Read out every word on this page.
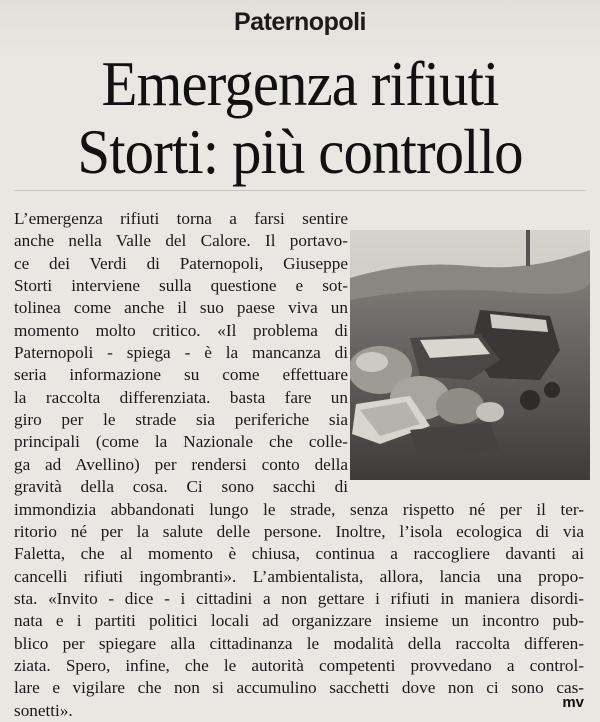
Paternopoli
Emergenza rifiuti
Storti: più controllo
L’emergenza rifiuti torna a farsi sentire
anche nella Valle del Calore. Il portavo-
ce dei Verdi di Paternopoli, Giuseppe
Storti interviene sulla questione e sot-
tolinea come anche il suo paese viva un
momento molto critico. «Il problema di
Paternopoli - spiega - è la mancanza di
seria informazione su come effettuare
la raccolta differenziata. basta fare un
giro per le strade sia periferiche sia
principali (come la Nazionale che colle-
ga ad Avellino) per rendersi conto della
gravità della cosa. Ci sono sacchi di
immondizia abbandonati lungo le strade, senza rispetto né per il ter-
ritorio né per la salute delle persone. Inoltre, l’isola ecologica di via
Faletta, che al momento è chiusa, continua a raccogliere davanti ai
cancelli rifiuti ingombranti». L’ambientalista, allora, lancia una propo-
sta. «Invito - dice - i cittadini a non gettare i rifiuti in maniera disordi-
nata e i partiti politici locali ad organizzare insieme un incontro pub-
blico per spiegare alla cittadinanza le modalità della raccolta differen-
ziata. Spero, infine, che le autorità competenti provvedano a control-
lare e vigilare che non si accumulino sacchetti dove non ci sono cas-
sonetti».	mv
